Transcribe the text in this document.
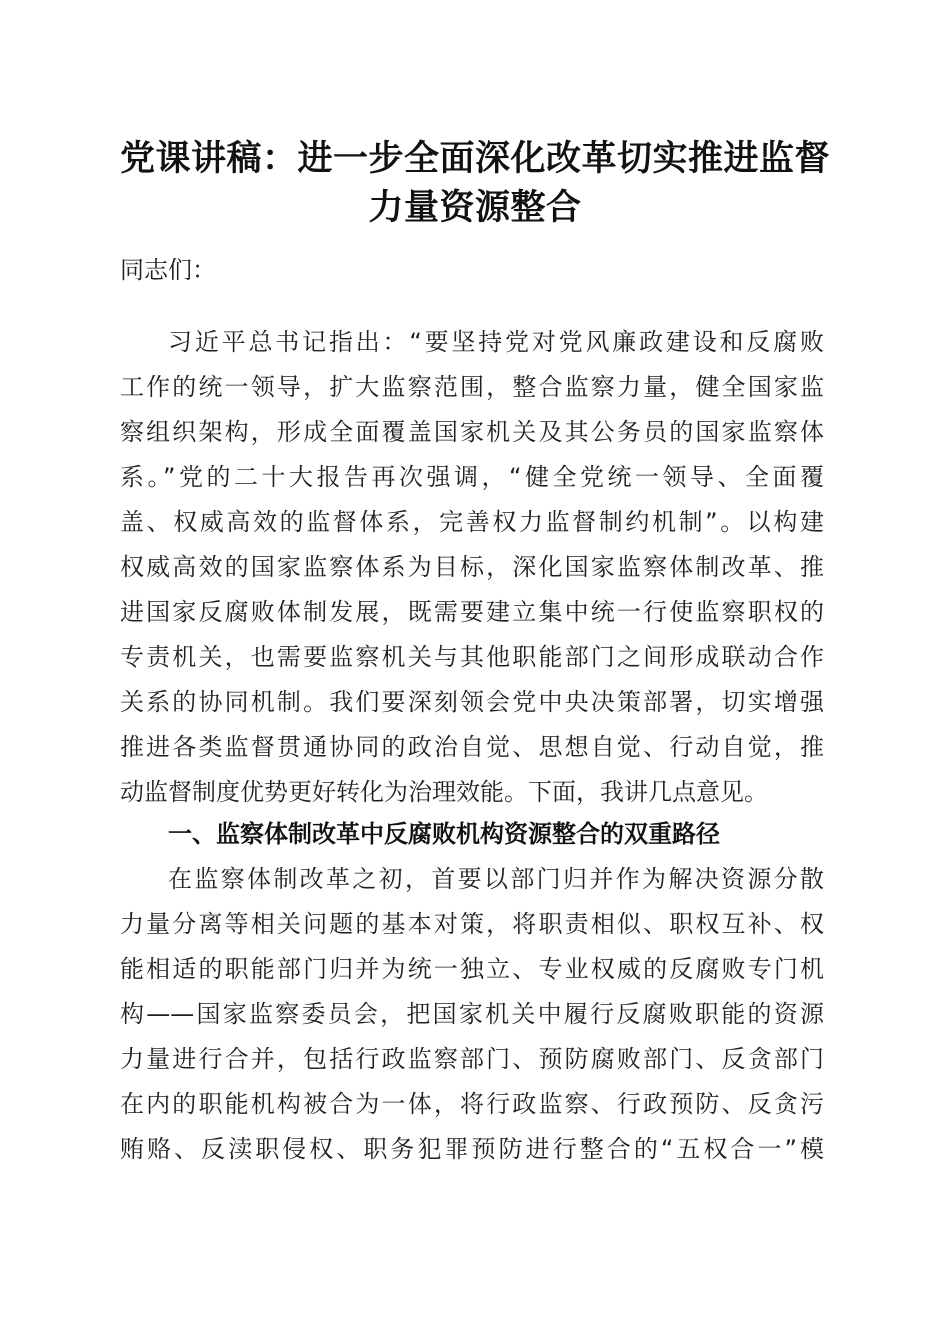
党课讲稿：进一步全面深化改革切实推进监督
力量资源整合

同志们：

习近平总书记指出：“要坚持党对党风廉政建设和反腐败

工作的统一领导，扩大监察范围，整合监察力量，健全国家监

察组织架构，形成全面覆盖国家机关及其公务员的国家监察体

系。”党的二十大报告再次强调，“健全党统一领导、全面覆

盖、权威高效的监督体系，完善权力监督制约机制”。以构建

权威高效的国家监察体系为目标，深化国家监察体制改革、推

进国家反腐败体制发展，既需要建立集中统一行使监察职权的

专责机关，也需要监察机关与其他职能部门之间形成联动合作

关系的协同机制。我们要深刻领会党中央决策部署，切实增强

推进各类监督贯通协同的政治自觉、思想自觉、行动自觉，推

动监督制度优势更好转化为治理效能。下面，我讲几点意见。

一、监察体制改革中反腐败机构资源整合的双重路径

在监察体制改革之初，首要以部门归并作为解决资源分散

力量分离等相关问题的基本对策，将职责相似、职权互补、权

能相适的职能部门归并为统一独立、专业权威的反腐败专门机

构——国家监察委员会，把国家机关中履行反腐败职能的资源

力量进行合并，包括行政监察部门、预防腐败部门、反贪部门

在内的职能机构被合为一体，将行政监察、行政预防、反贪污

贿赂、反渎职侵权、职务犯罪预防进行整合的“五权合一”模
